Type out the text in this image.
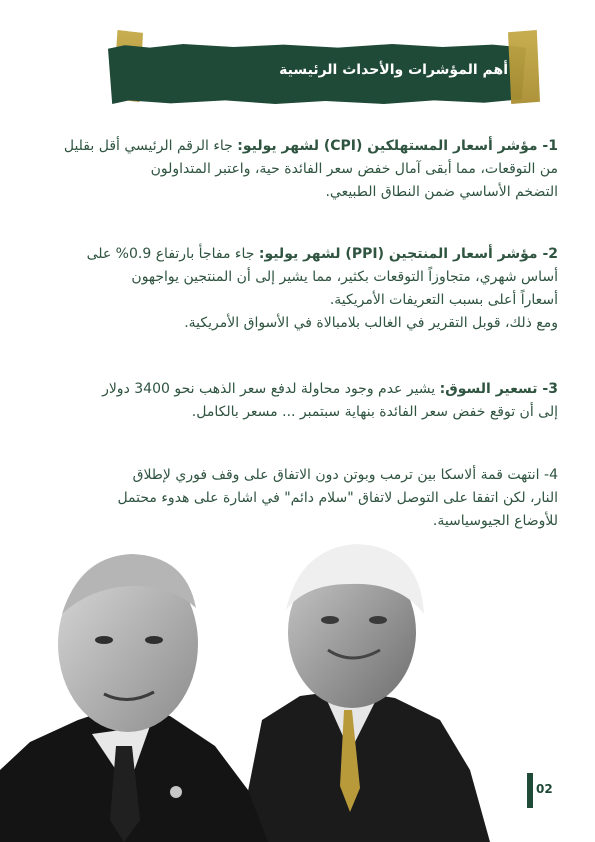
أهم المؤشرات والأحداث الرئيسية
1- مؤشر أسعار المستهلكين (CPI) لشهر يوليو: جاء الرقم الرئيسي أقل بقليل
من التوقعات، مما أبقى آمال خفض سعر الفائدة حية، واعتبر المتداولون
التضخم الأساسي ضمن النطاق الطبيعي.
2- مؤشر أسعار المنتجين (PPI) لشهر يوليو: جاء مفاجأ بارتفاع 0.9% على
أساس شهري، متجاوزاً التوقعات بكثير، مما يشير إلى أن المنتجين يواجهون
أسعاراً أعلى بسبب التعريفات الأمريكية.
ومع ذلك، قوبل التقرير في الغالب بلامبالاة في الأسواق الأمريكية.
3- تسعير السوق: يشير عدم وجود محاولة لدفع سعر الذهب نحو 3400 دولار
إلى أن توقع خفض سعر الفائدة بنهاية سبتمبر ... مسعر بالكامل.
4- انتهت قمة ألاسكا بين ترمب وبوتن دون الاتفاق على وقف فوري لإطلاق
النار، لكن اتفقا على التوصل لاتفاق "سلام دائم" في اشارة على هدوء محتمل
للأوضاع الجيوسياسية.
02
